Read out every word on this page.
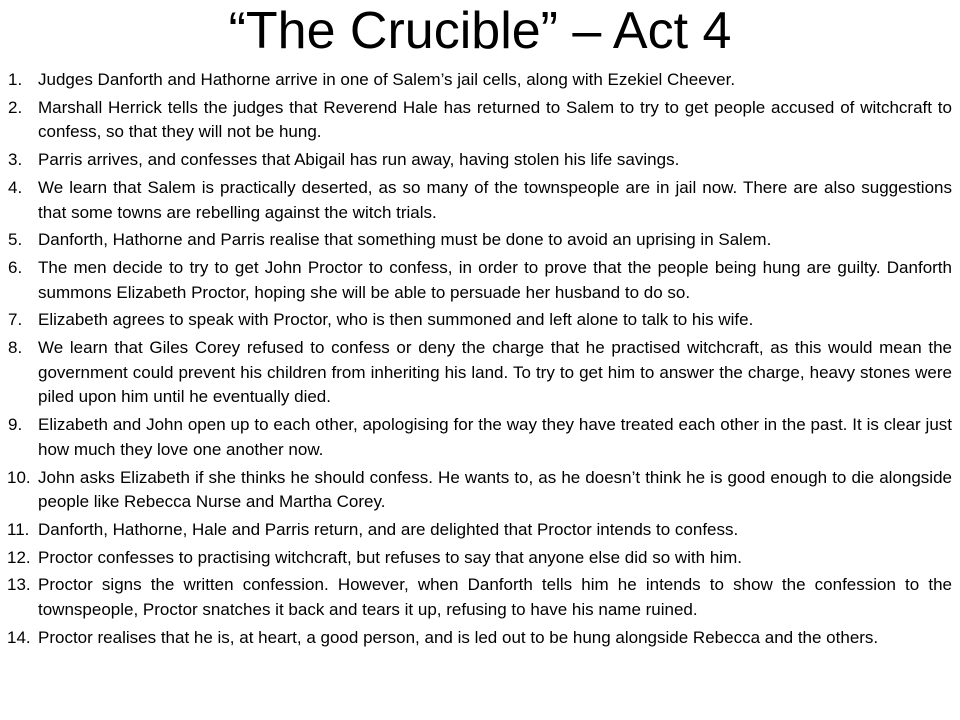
“The Crucible” – Act 4
1. Judges Danforth and Hathorne arrive in one of Salem’s jail cells, along with Ezekiel Cheever.
2. Marshall Herrick tells the judges that Reverend Hale has returned to Salem to try to get people accused of witchcraft to confess, so that they will not be hung.
3. Parris arrives, and confesses that Abigail has run away, having stolen his life savings.
4. We learn that Salem is practically deserted, as so many of the townspeople are in jail now. There are also suggestions that some towns are rebelling against the witch trials.
5. Danforth, Hathorne and Parris realise that something must be done to avoid an uprising in Salem.
6. The men decide to try to get John Proctor to confess, in order to prove that the people being hung are guilty. Danforth summons Elizabeth Proctor, hoping she will be able to persuade her husband to do so.
7. Elizabeth agrees to speak with Proctor, who is then summoned and left alone to talk to his wife.
8. We learn that Giles Corey refused to confess or deny the charge that he practised witchcraft, as this would mean the government could prevent his children from inheriting his land. To try to get him to answer the charge, heavy stones were piled upon him until he eventually died.
9. Elizabeth and John open up to each other, apologising for the way they have treated each other in the past. It is clear just how much they love one another now.
10. John asks Elizabeth if she thinks he should confess. He wants to, as he doesn’t think he is good enough to die alongside people like Rebecca Nurse and Martha Corey.
11. Danforth, Hathorne, Hale and Parris return, and are delighted that Proctor intends to confess.
12. Proctor confesses to practising witchcraft, but refuses to say that anyone else did so with him.
13. Proctor signs the written confession. However, when Danforth tells him he intends to show the confession to the townspeople, Proctor snatches it back and tears it up, refusing to have his name ruined.
14. Proctor realises that he is, at heart, a good person, and is led out to be hung alongside Rebecca and the others.
